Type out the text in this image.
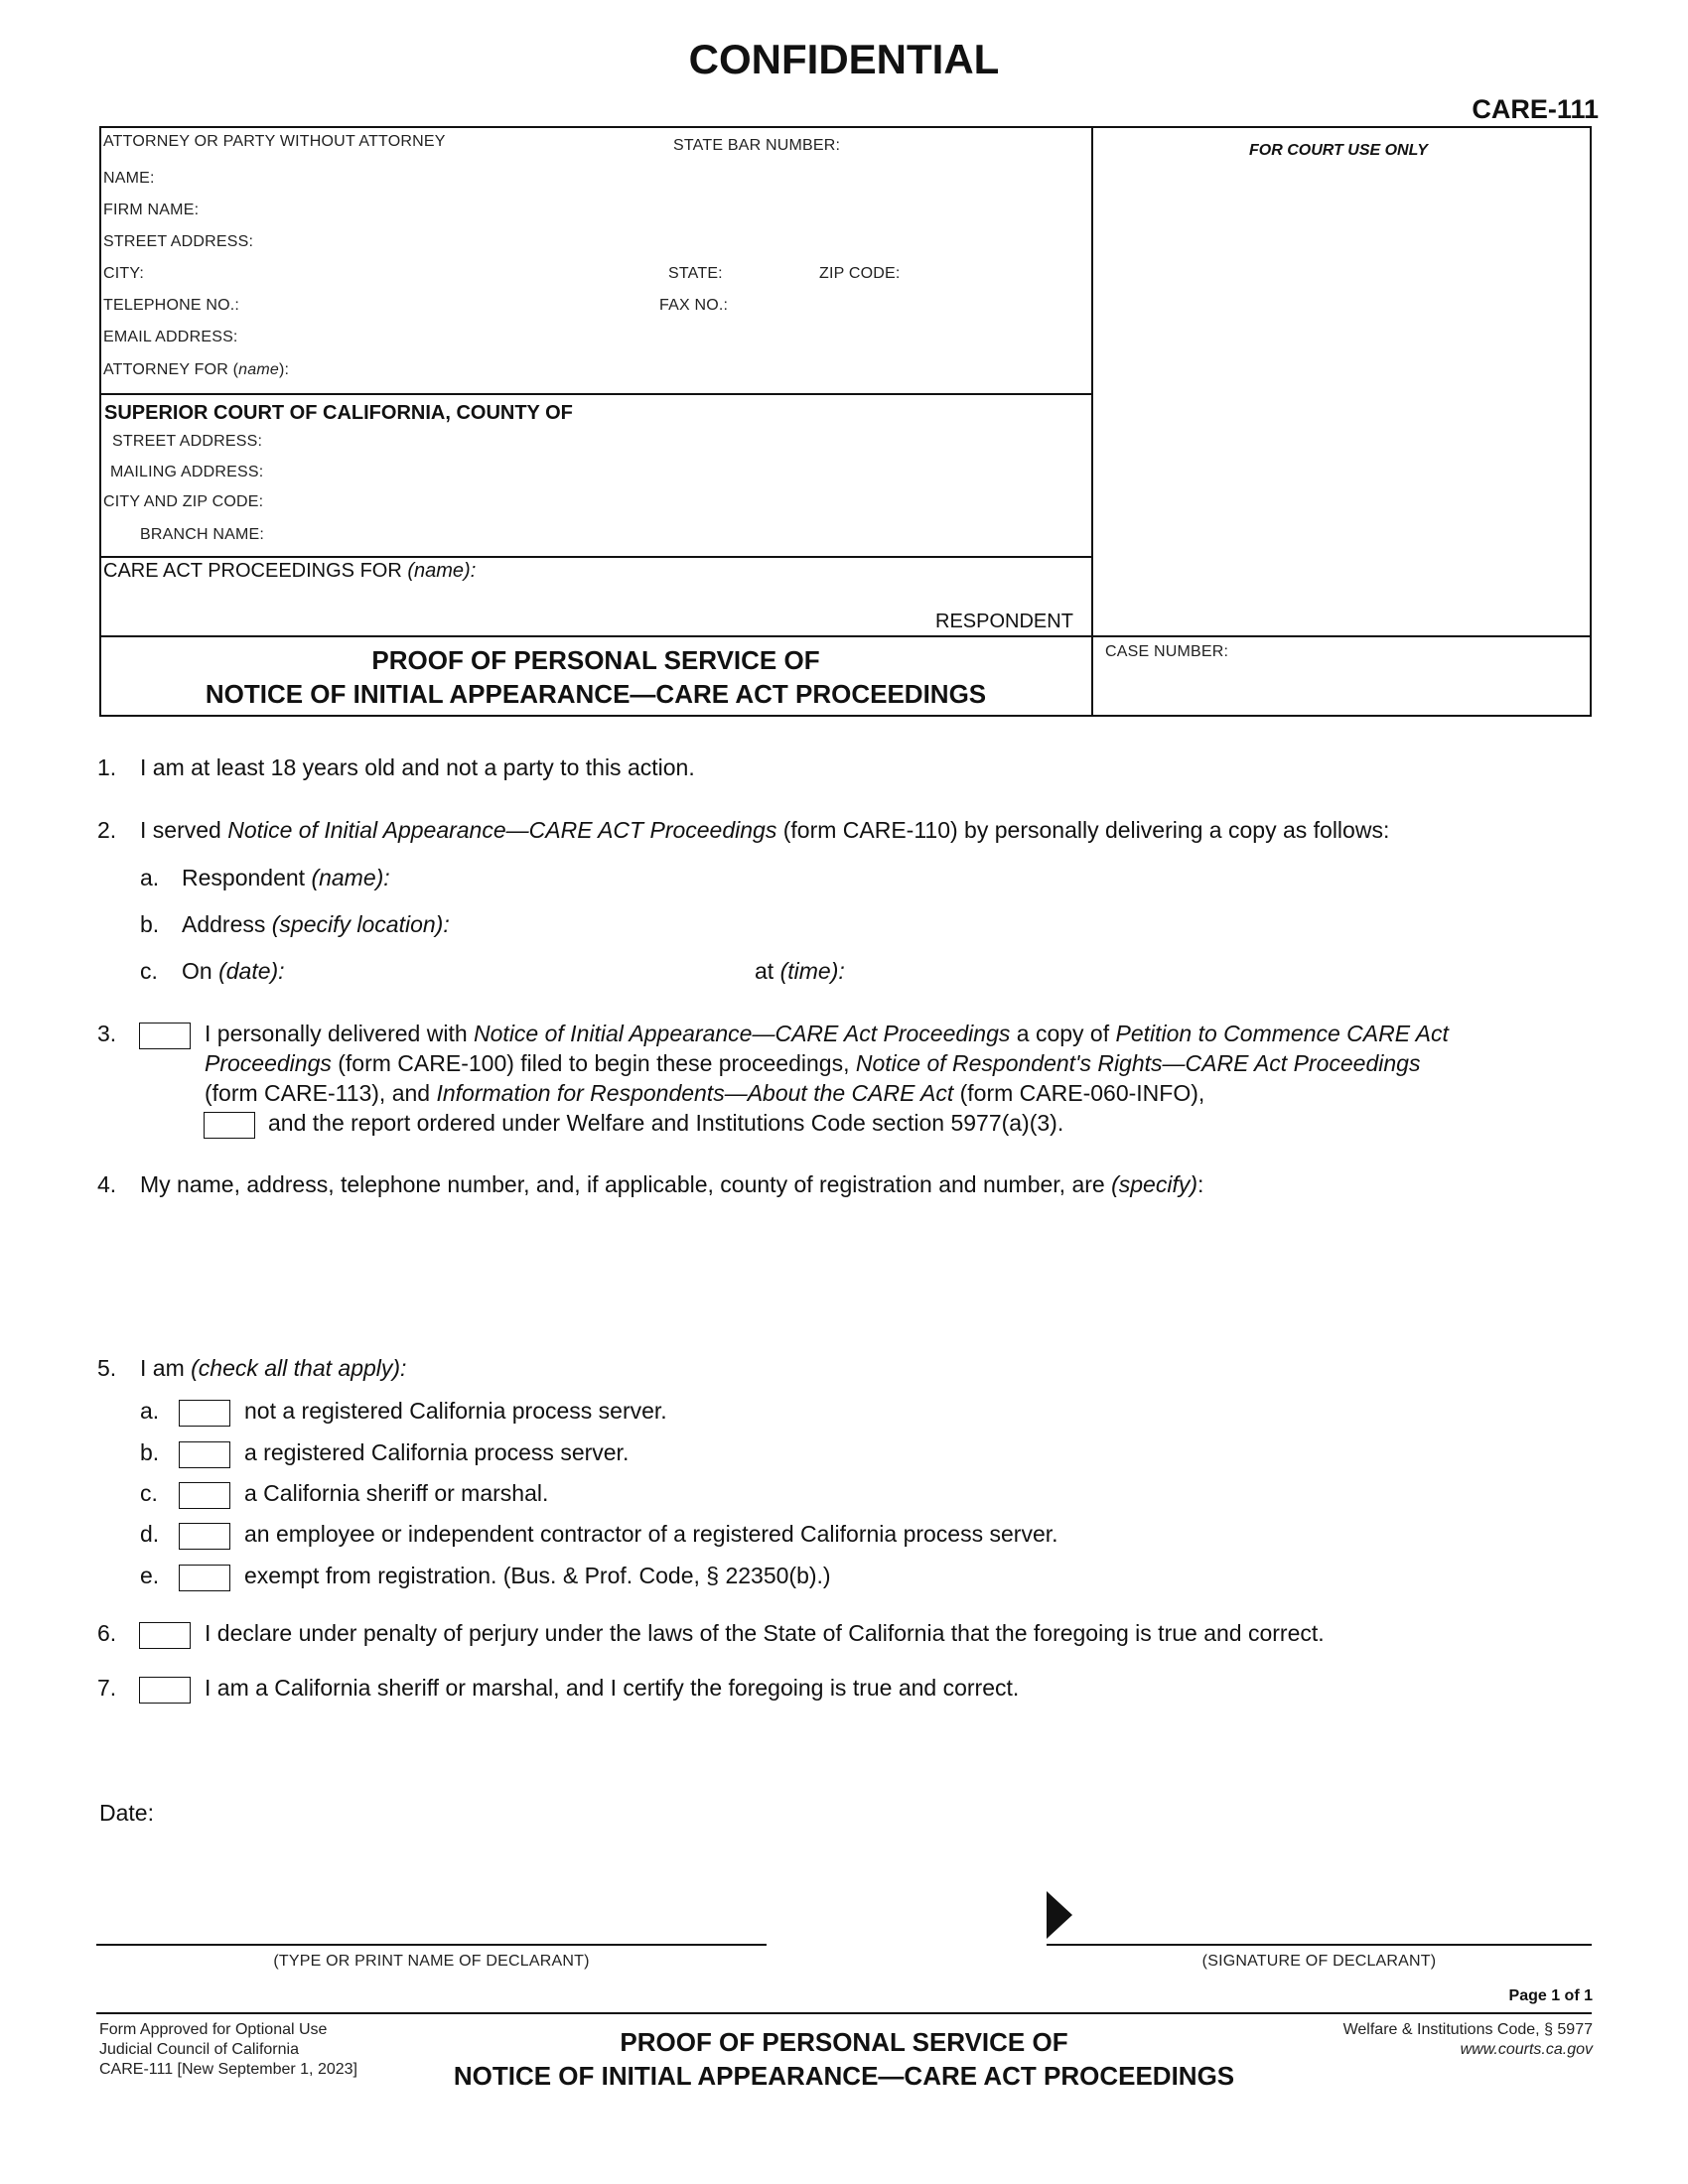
CONFIDENTIAL
CARE-111
ATTORNEY OR PARTY WITHOUT ATTORNEY	STATE BAR NUMBER:
NAME:
FIRM NAME:
STREET ADDRESS:
CITY:	STATE:	ZIP CODE:
TELEPHONE NO.:	FAX NO.:
EMAIL ADDRESS:
ATTORNEY FOR (name):
FOR COURT USE ONLY
SUPERIOR COURT OF CALIFORNIA, COUNTY OF
STREET ADDRESS:
MAILING ADDRESS:
CITY AND ZIP CODE:
BRANCH NAME:
CARE ACT PROCEEDINGS FOR (name):
RESPONDENT
PROOF OF PERSONAL SERVICE OF
NOTICE OF INITIAL APPEARANCE—CARE ACT PROCEEDINGS
CASE NUMBER:
1. I am at least 18 years old and not a party to this action.
2. I served Notice of Initial Appearance—CARE ACT Proceedings (form CARE-110) by personally delivering a copy as follows:
a. Respondent (name):
b. Address (specify location):
c. On (date):	at (time):
3.	I personally delivered with Notice of Initial Appearance—CARE Act Proceedings a copy of Petition to Commence CARE Act
Proceedings (form CARE-100) filed to begin these proceedings, Notice of Respondent's Rights—CARE Act Proceedings
(form CARE-113), and Information for Respondents—About the CARE Act (form CARE-060-INFO),
and the report ordered under Welfare and Institutions Code section 5977(a)(3).
4. My name, address, telephone number, and, if applicable, county of registration and number, are (specify):
5. I am (check all that apply):
a.	not a registered California process server.
b.	a registered California process server.
c.	a California sheriff or marshal.
d.	an employee or independent contractor of a registered California process server.
e.	exempt from registration. (Bus. & Prof. Code, § 22350(b).)
6.	I declare under penalty of perjury under the laws of the State of California that the foregoing is true and correct.
7.	I am a California sheriff or marshal, and I certify the foregoing is true and correct.
Date:
(TYPE OR PRINT NAME OF DECLARANT)	(SIGNATURE OF DECLARANT)
Page 1 of 1
Form Approved for Optional Use
Judicial Council of California
CARE-111 [New September 1, 2023]
PROOF OF PERSONAL SERVICE OF
NOTICE OF INITIAL APPEARANCE—CARE ACT PROCEEDINGS
Welfare & Institutions Code, § 5977
www.courts.ca.gov
